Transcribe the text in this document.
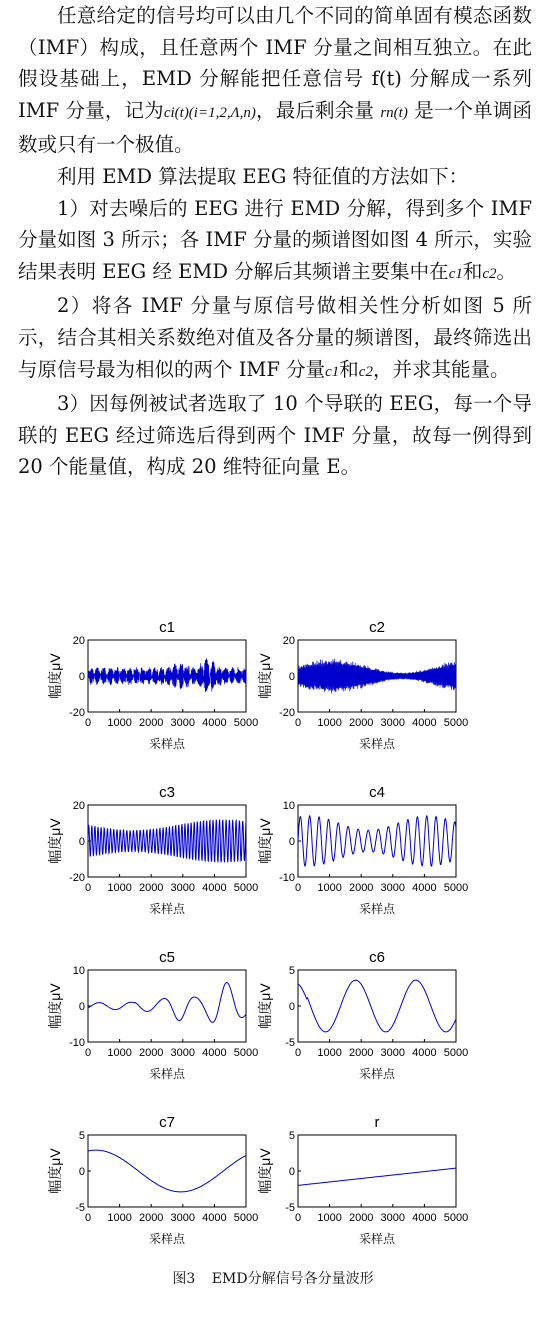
任意给定的信号均可以由几个不同的简单固有模态函数（IMF）构成，且任意两个 IMF 分量之间相互独立。在此假设基础上，EMD 分解能把任意信号 f(t) 分解成一系列 IMF 分量，记为ci(t)(i=1,2,Λ,n)，最后剩余量 rn(t) 是一个单调函数或只有一个极值。

利用 EMD 算法提取 EEG 特征值的方法如下：

1）对去噪后的 EEG 进行 EMD 分解，得到多个 IMF 分量如图 3 所示；各 IMF 分量的频谱图如图 4 所示，实验结果表明 EEG 经 EMD 分解后其频谱主要集中在c1和c2。

2）将各 IMF 分量与原信号做相关性分析如图 5 所示，结合其相关系数绝对值及各分量的频谱图，最终筛选出与原信号最为相似的两个 IMF 分量c1和c2，并求其能量。

3）因每例被试者选取了 10 个导联的 EEG，每一个导联的 EEG 经过筛选后得到两个 IMF 分量，故每一例得到 20 个能量值，构成 20 维特征向量 E。

c1
0 1000 2000 3000 4000 5000
-20
0
20
采样点
幅度μV
c2
0 1000 2000 3000 4000 5000
-20
0
20
采样点
幅度μV
c3
0 1000 2000 3000 4000 5000
-20
0
20
采样点
幅度μV
c4
0 1000 2000 3000 4000 5000
-10
0
10
采样点
幅度μV
c5
0 1000 2000 3000 4000 5000
-10
0
10
采样点
幅度μV
c6
0 1000 2000 3000 4000 5000
-5
0
5
采样点
幅度μV
c7
0 1000 2000 3000 4000 5000
-5
0
5
采样点
幅度μV
r
0 1000 2000 3000 4000 5000
-5
0
5
采样点
幅度μV
图3 EMD分解信号各分量波形
